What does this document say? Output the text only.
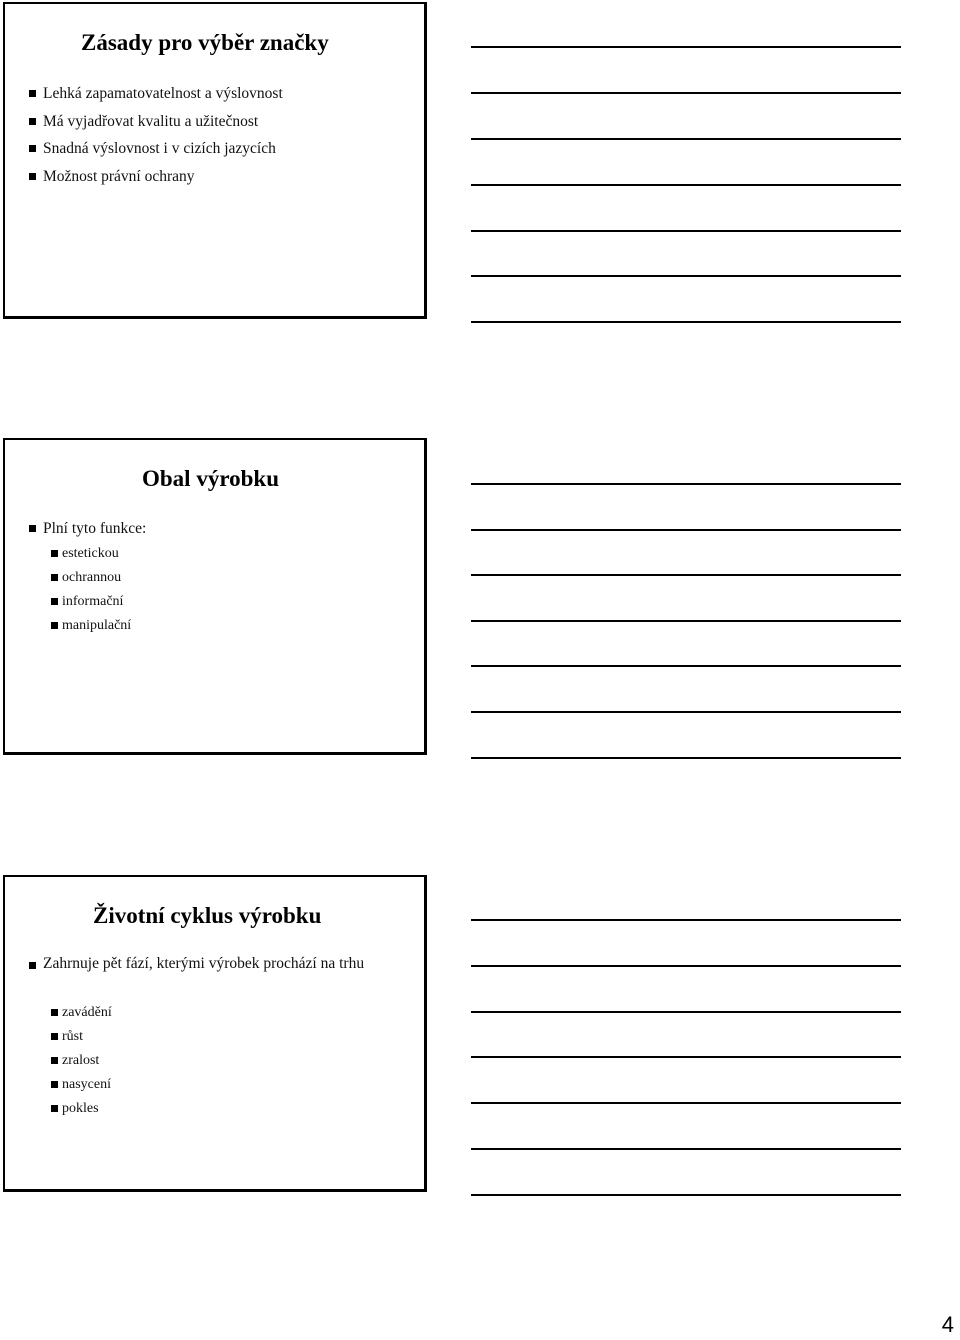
Zásady pro výběr značky
Lehká zapamatovatelnost a výslovnost
Má vyjadřovat kvalitu a užitečnost
Snadná výslovnost i v cizích jazycích
Možnost právní ochrany
Obal výrobku
Plní tyto funkce:
estetickou
ochrannou
informační
manipulační
Životní cyklus výrobku
Zahrnuje pět fází, kterými výrobek prochází na trhu
zavádění
růst
zralost
nasycení
pokles
4
